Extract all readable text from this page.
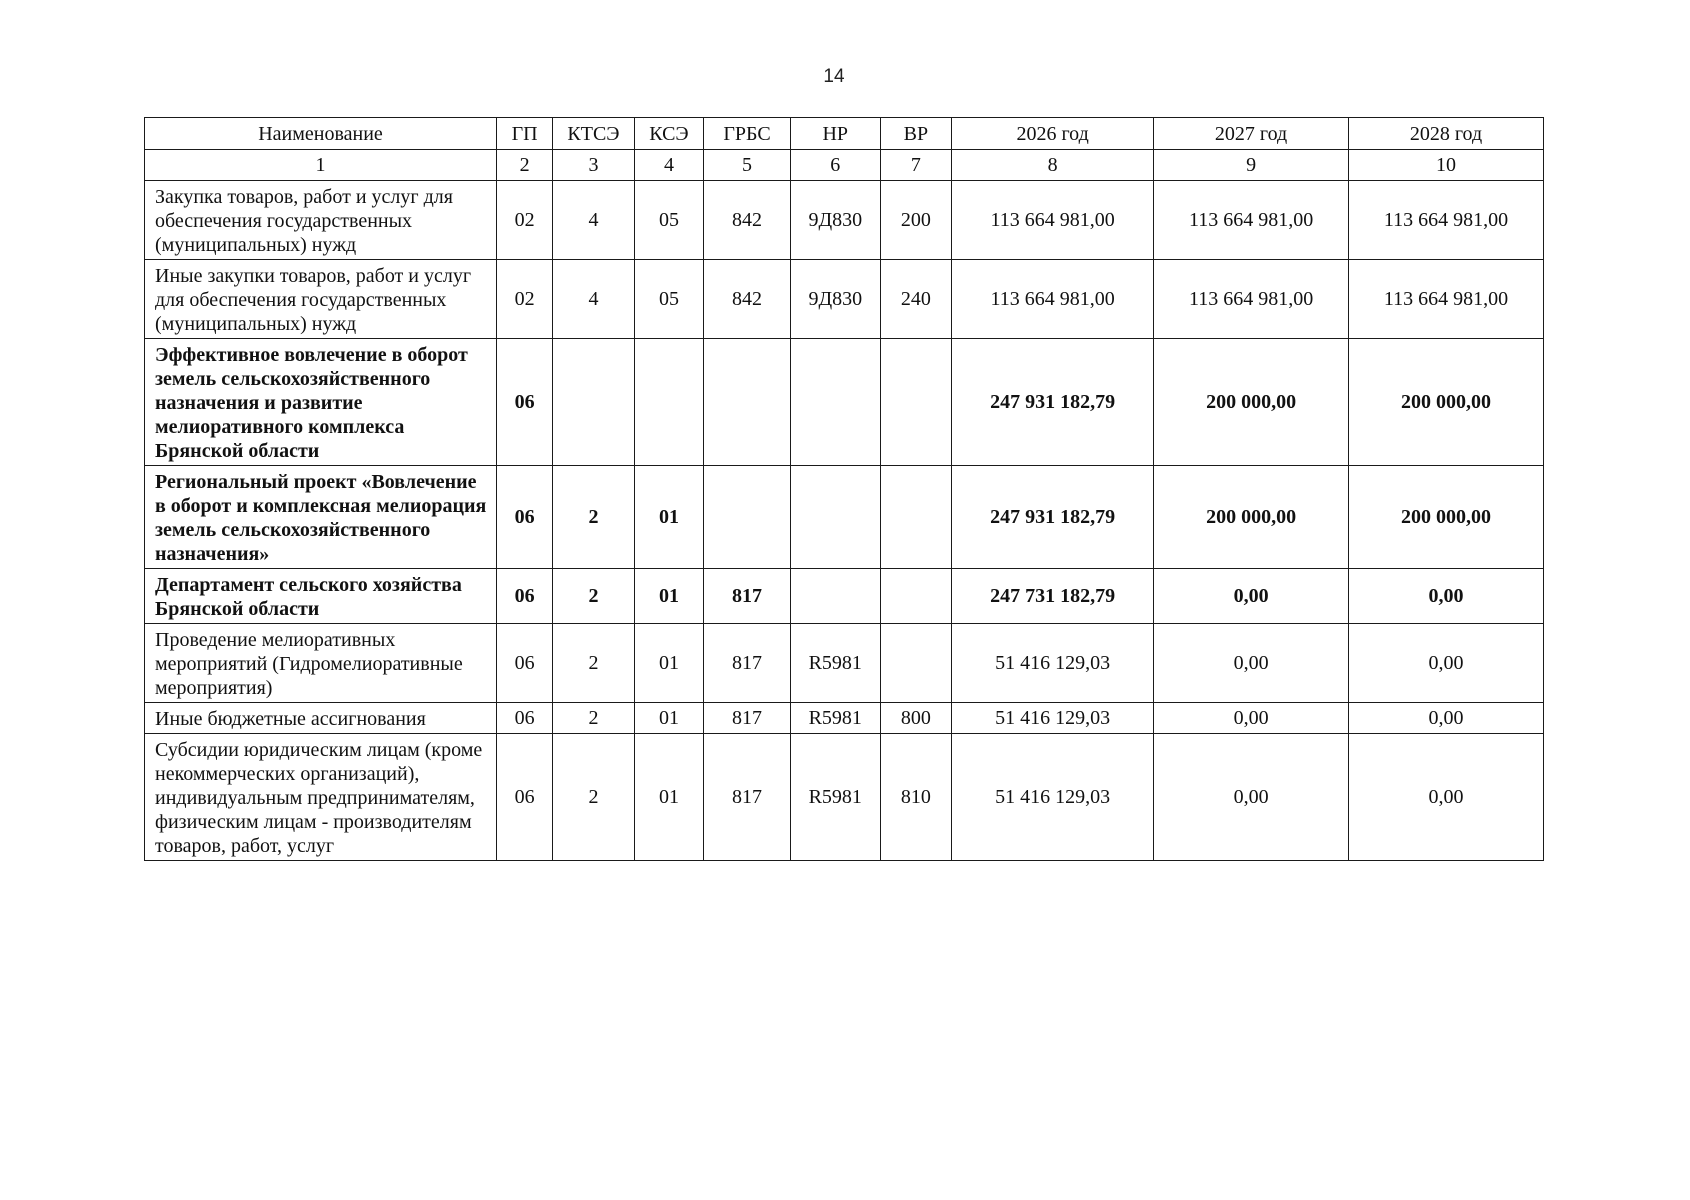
14
Наименование	ГП	КТСЭ	КСЭ	ГРБС	НР	ВР	2026 год	2027 год	2028 год
1	2	3	4	5	6	7	8	9	10
Закупка товаров, работ и услуг для обеспечения государственных (муниципальных) нужд	02	4	05	842	9Д830	200	113 664 981,00	113 664 981,00	113 664 981,00
Иные закупки товаров, работ и услуг для обеспечения государственных (муниципальных) нужд	02	4	05	842	9Д830	240	113 664 981,00	113 664 981,00	113 664 981,00
Эффективное вовлечение в оборот земель сельскохозяйственного назначения и развитие мелиоративного комплекса Брянской области	06						247 931 182,79	200 000,00	200 000,00
Региональный проект «Вовлечение в оборот и комплексная мелиорация земель сельскохозяйственного назначения»	06	2	01				247 931 182,79	200 000,00	200 000,00
Департамент сельского хозяйства Брянской области	06	2	01	817			247 731 182,79	0,00	0,00
Проведение мелиоративных мероприятий (Гидромелиоративные мероприятия)	06	2	01	817	R5981		51 416 129,03	0,00	0,00
Иные бюджетные ассигнования	06	2	01	817	R5981	800	51 416 129,03	0,00	0,00
Субсидии юридическим лицам (кроме некоммерческих организаций), индивидуальным предпринимателям, физическим лицам - производителям товаров, работ, услуг	06	2	01	817	R5981	810	51 416 129,03	0,00	0,00
